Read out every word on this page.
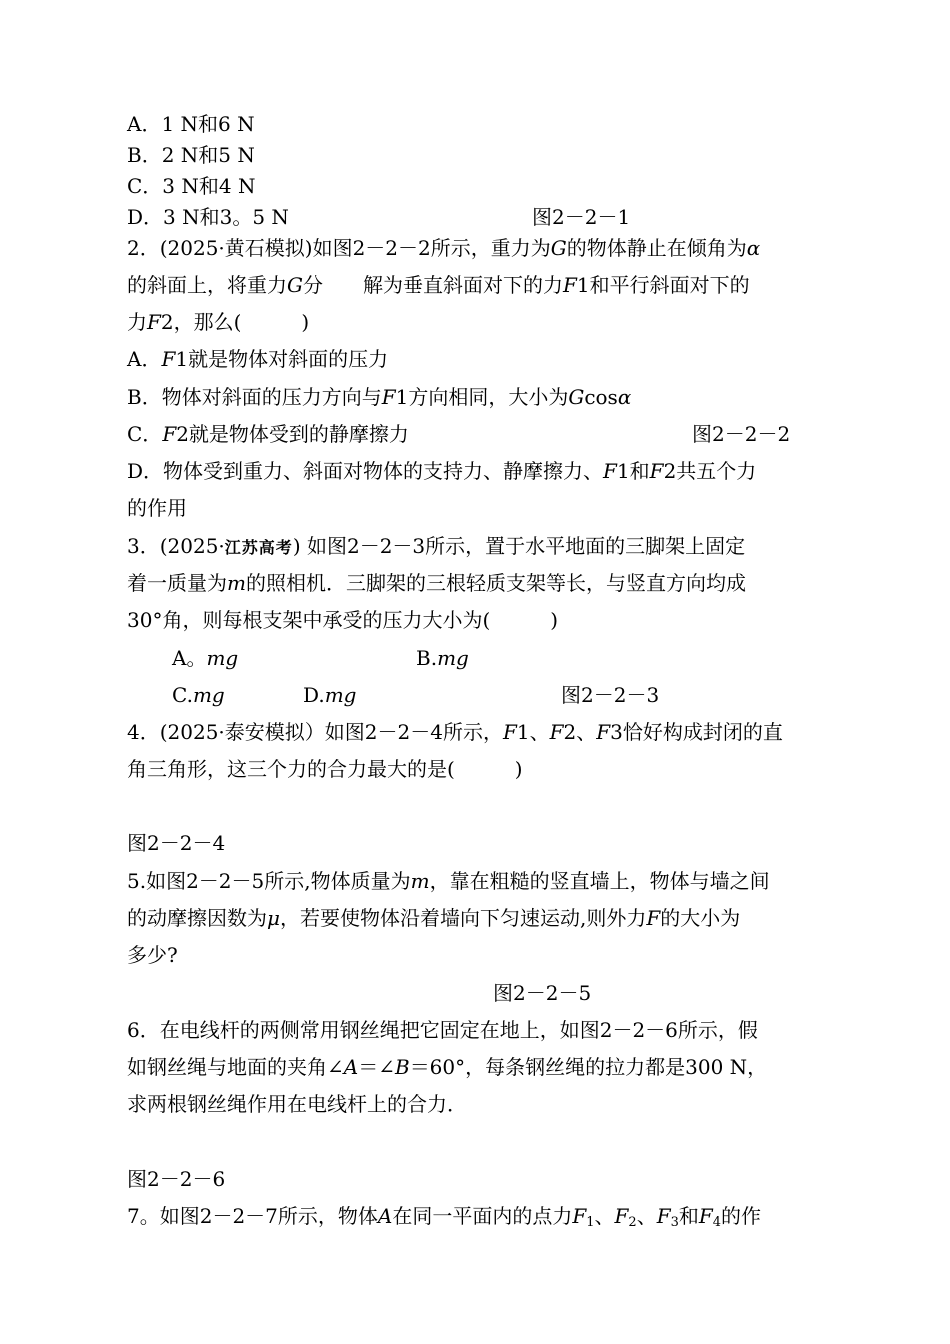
A．1 N和6 N
B．2 N和5 N
C．3 N和4 N
D．3 N和3。5 N	图2－2－1
2．(2025·黄石模拟)如图2－2－2所示，重力为G的物体静止在倾角为α
的斜面上，将重力G分　　解为垂直斜面对下的力F1和平行斜面对下的
力F2，那么(　　　)
A．F1就是物体对斜面的压力
B．物体对斜面的压力方向与F1方向相同，大小为Gcosα
C．F2就是物体受到的静摩擦力	图2－2－2
D．物体受到重力、斜面对物体的支持力、静摩擦力、F1和F2共五个力
的作用
3．(2025·江苏高考) 如图2－2－3所示，置于水平地面的三脚架上固定
着一质量为m的照相机．三脚架的三根轻质支架等长，与竖直方向均成
30°角，则每根支架中承受的压力大小为(　　　)
A。mg	B.mg
C.mg	D.mg	图2－2－3
4．(2025·泰安模拟）如图2－2－4所示，F1、F2、F3恰好构成封闭的直
角三角形，这三个力的合力最大的是(　　　)
图2－2－4
5.如图2－2－5所示,物体质量为m，靠在粗糙的竖直墙上，物体与墙之间
的动摩擦因数为μ，若要使物体沿着墙向下匀速运动,则外力F的大小为
多少?
图2－2－5
6．在电线杆的两侧常用钢丝绳把它固定在地上，如图2－2－6所示，假
如钢丝绳与地面的夹角∠A＝∠B＝60°，每条钢丝绳的拉力都是300 N，
求两根钢丝绳作用在电线杆上的合力．
图2－2－6
7。如图2－2－7所示，物体A在同一平面内的点力$F_1$、$F_2$、$F_3$和$F_4$的作
